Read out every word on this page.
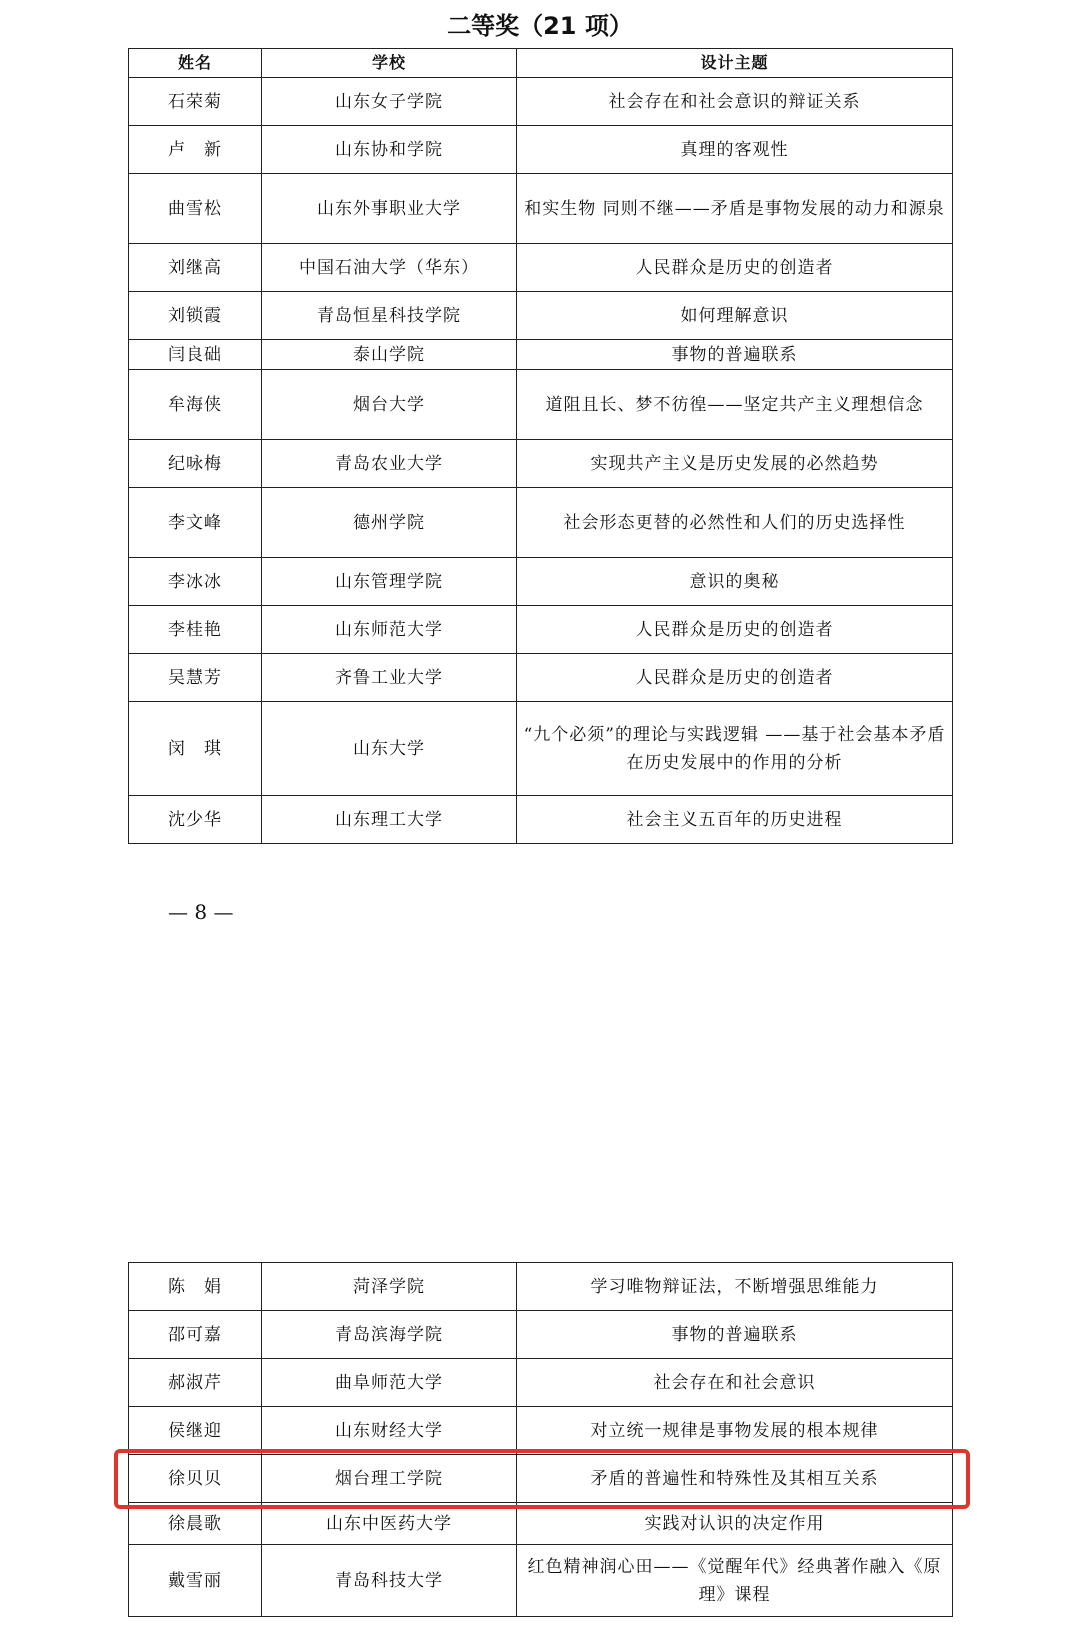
二等奖（21 项）
姓名	学校	设计主题
石荣菊	山东女子学院	社会存在和社会意识的辩证关系
卢　新	山东协和学院	真理的客观性
曲雪松	山东外事职业大学	和实生物 同则不继——矛盾是事物发展的动力和源泉
刘继高	中国石油大学（华东）	人民群众是历史的创造者
刘锁霞	青岛恒星科技学院	如何理解意识
闫良础	泰山学院	事物的普遍联系
牟海侠	烟台大学	道阻且长、梦不彷徨——坚定共产主义理想信念
纪咏梅	青岛农业大学	实现共产主义是历史发展的必然趋势
李文峰	德州学院	社会形态更替的必然性和人们的历史选择性
李冰冰	山东管理学院	意识的奥秘
李桂艳	山东师范大学	人民群众是历史的创造者
吴慧芳	齐鲁工业大学	人民群众是历史的创造者
闵　琪	山东大学	“九个必须”的理论与实践逻辑 ——基于社会基本矛盾在历史发展中的作用的分析
沈少华	山东理工大学	社会主义五百年的历史进程
— 8 —
陈　娟	菏泽学院	学习唯物辩证法，不断增强思维能力
邵可嘉	青岛滨海学院	事物的普遍联系
郝淑芹	曲阜师范大学	社会存在和社会意识
侯继迎	山东财经大学	对立统一规律是事物发展的根本规律
徐贝贝	烟台理工学院	矛盾的普遍性和特殊性及其相互关系
徐晨歌	山东中医药大学	实践对认识的决定作用
戴雪丽	青岛科技大学	红色精神润心田——《觉醒年代》经典著作融入《原理》课程
